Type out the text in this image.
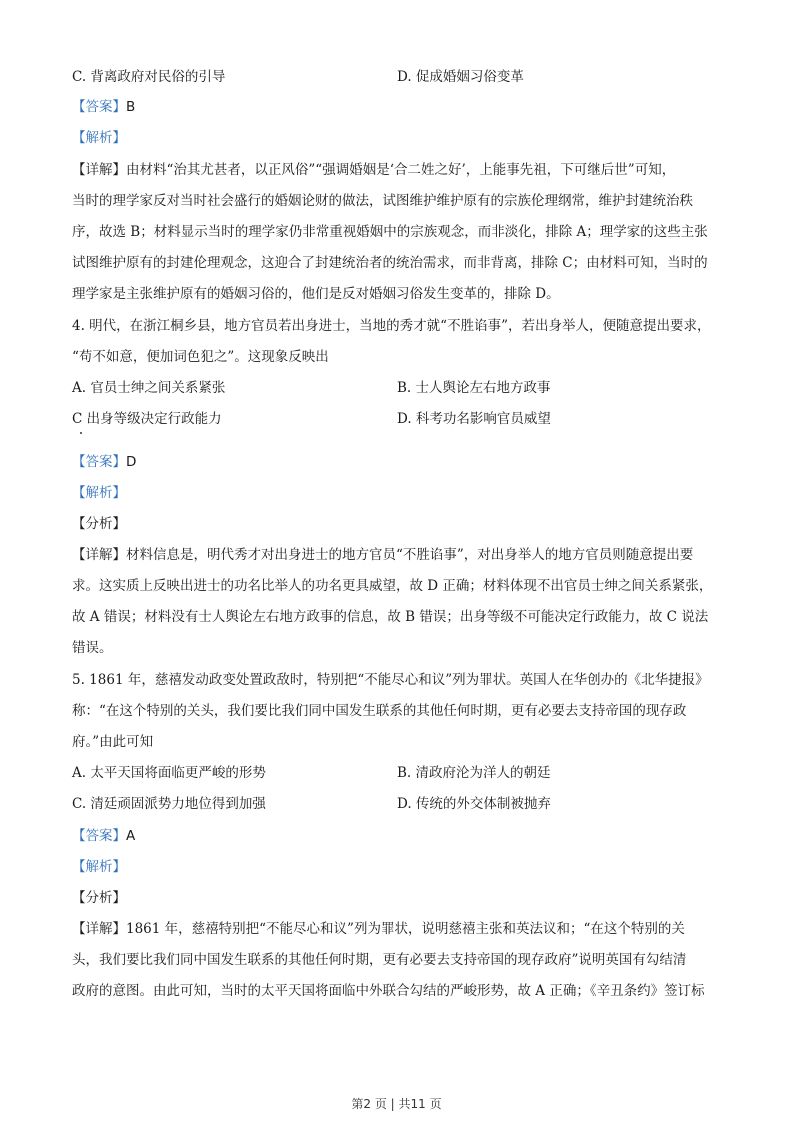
C. 背离政府对民俗的引导	D. 促成婚姻习俗变革
【答案】B
【解析】
【详解】由材料“治其尤甚者，以正风俗”“强调婚姻是‘合二姓之好’，上能事先祖，下可继后世”可知，
当时的理学家反对当时社会盛行的婚姻论财的做法，试图维护维护原有的宗族伦理纲常，维护封建统治秩
序，故选 B；材料显示当时的理学家仍非常重视婚姻中的宗族观念，而非淡化，排除 A；理学家的这些主张
试图维护原有的封建伦理观念，这迎合了封建统治者的统治需求，而非背离，排除 C；由材料可知，当时的
理学家是主张维护原有的婚姻习俗的，他们是反对婚姻习俗发生变革的，排除 D。
4. 明代，在浙江桐乡县，地方官员若出身进士，当地的秀才就“不胜谄事”，若出身举人，便随意提出要求，
“苟不如意，便加词色犯之”。这现象反映出
A. 官员士绅之间关系紧张	B. 士人舆论左右地方政事
C 出身等级决定行政能力	D. 科考功名影响官员威望
【答案】D
【解析】
【分析】
【详解】材料信息是，明代秀才对出身进士的地方官员“不胜谄事”，对出身举人的地方官员则随意提出要
求。这实质上反映出进士的功名比举人的功名更具威望，故 D 正确；材料体现不出官员士绅之间关系紧张，
故 A 错误；材料没有士人舆论左右地方政事的信息，故 B 错误；出身等级不可能决定行政能力，故 C 说法
错误。
5. 1861 年，慈禧发动政变处置政敌时，特别把“不能尽心和议”列为罪状。英国人在华创办的《北华捷报》
称：“在这个特别的关头，我们要比我们同中国发生联系的其他任何时期，更有必要去支持帝国的现存政
府。”由此可知
A. 太平天国将面临更严峻的形势	B. 清政府沦为洋人的朝廷
C. 清廷顽固派势力地位得到加强	D. 传统的外交体制被抛弃
【答案】A
【解析】
【分析】
【详解】1861 年，慈禧特别把“不能尽心和议”列为罪状，说明慈禧主张和英法议和；“在这个特别的关
头，我们要比我们同中国发生联系的其他任何时期，更有必要去支持帝国的现存政府”说明英国有勾结清
政府的意图。由此可知，当时的太平天国将面临中外联合勾结的严峻形势，故 A 正确；《辛丑条约》签订标
第2 页 | 共11 页
